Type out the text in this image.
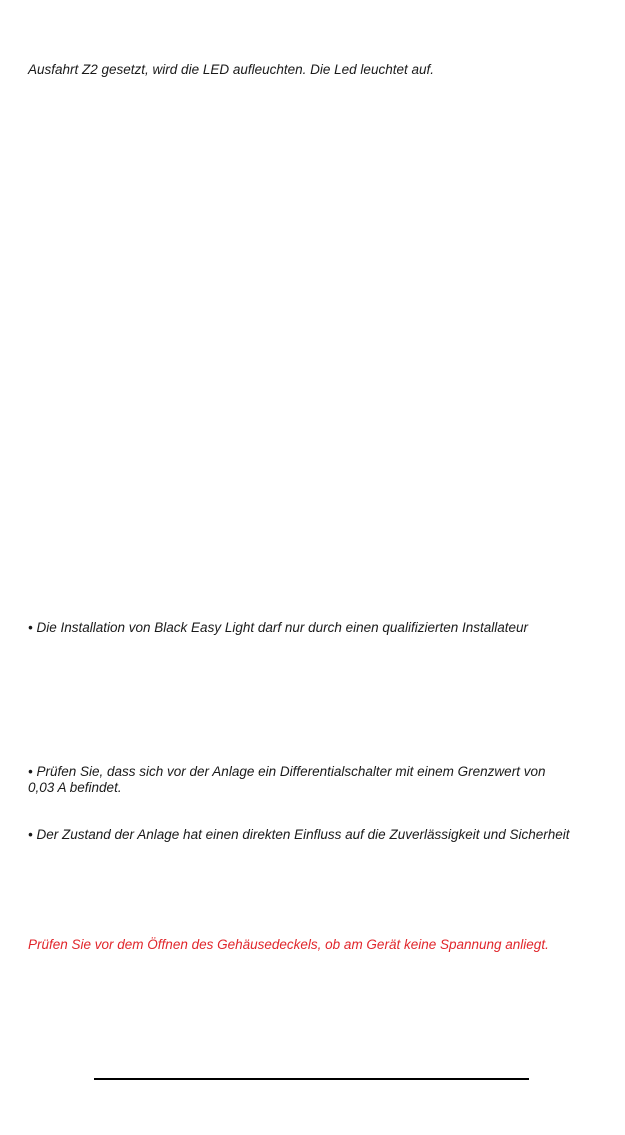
Ausfahrt Z2 gesetzt, wird die LED aufleuchten. Die Led leuchtet auf.

• Die Installation von Black Easy Light darf nur durch einen qualifizierten Installateur

• Prüfen Sie, dass sich vor der Anlage ein Differentialschalter mit einem Grenzwert von
0,03 A befindet.

• Der Zustand der Anlage hat einen direkten Einfluss auf die Zuverlässigkeit und Sicherheit

Prüfen Sie vor dem Öffnen des Gehäusedeckels, ob am Gerät keine Spannung anliegt.
